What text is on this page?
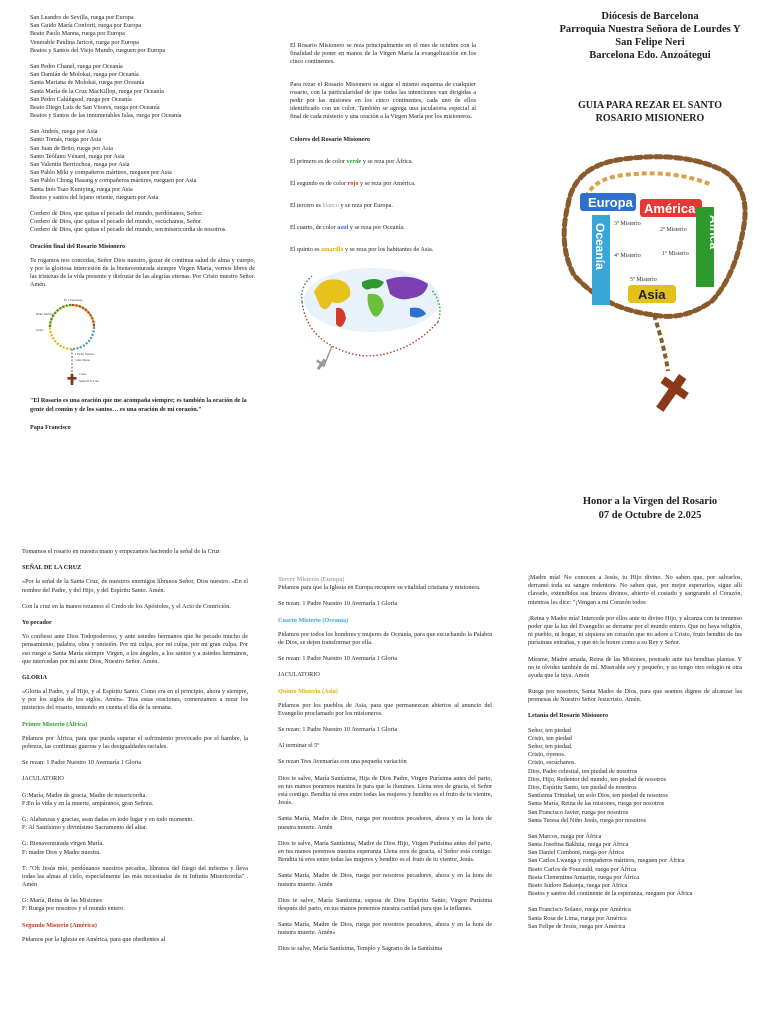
San Leandro de Sevilla, ruega por Europa
San Guido María Conforti, ruega por Europa
Beato Paolo Manna, ruega por Europa
Venerable Paulina Jaricot, ruega por Europa
Beatos y Santos del Viejo Mundo, rueguen por Europa
San Pedro Chanel, ruega por Oceanía
San Damián de Molokai, ruega por Oceanía
Santa Mariana de Molokai, ruega por Oceanía
Santa María de la Cruz MacKillop, ruega por Oceanía
San Pedro Calúñgsod, ruega por Oceanía
Beato Diego Luis de San Vitores, ruega por Oceanía
Beatos y Santos de las innumerables Islas, ruega por Oceanía
San Andrés, ruega por Asia
Santo Tomás, ruega por Asia
San Juan de Brito, ruega por Asia
Santo Teófano Vénard, ruega por Asia
San Valentín Berriochoa, ruega por Asia
San Pablo Miki y compañeros mártires, rueguen por Asia
San Pablo Chong Hasang y compañeros mártires, rueguen por Asia
Santa Inés Tsao Kuniying, ruega por Asia
Beatos y santos del lejano oriente, rueguen por Asia
Cordero de Dios, que quitas el pecado del mundo, perdónanos, Señor.
Cordero de Dios, que quitas el pecado del mundo, escúchanos, Señor.
Cordero de Dios, que quitas el pecado del mundo, ten misericordia de nosotros.
Oración final del Rosario Misionero
Te rogamos nos concedas, Señor Dios nuestro, gozar de continua salud de alma y cuerpo, y por la gloriosa intercesión de la bienaventurada siempre Virgen María, vernos libres de las tristezas de la vida presente y disfrutar de las alegrías eternas. Por Cristo nuestro Señor. Amén.
Fe y Esperanza
Padre Nuestro
Gloria
1 Padre Nuestro
3 Ave María
Credo
Señal de la Cruz
"El Rosario es una oración que me acompaña siempre; es también la oración de la gente del común y de los santos… es una oración de mi corazón."
Papa Francisco
El Rosario Misionero se reza principalmente en el mes de octubre con la finalidad de poner en manos de la Virgen María la evangelización en los cinco continentes.
Para rezar el Rosario Misionero se sigue el mismo esquema de cualquier rosario, con la particularidad de que todas las intenciones van dirigidas a pedir por las misiones en los cinco continentes, cada uno de ellos identificado con un color. También se agrega una jaculatoria especial al final de cada misterio y una oración a la Virgen María por los misioneros.
Colores del Rosario Misionero
El primero es de color verde y se reza por África.
El segundo es de color rojo y se reza por América.
El tercero es blanco y se reza por Europa.
El cuarto, de color azul y se reza por Oceanía.
El quinto es amarillo y se reza por los habitantes de Asia.
Diócesis de Barcelona
Parroquia Nuestra Señora de Lourdes Y
San Felipe Neri
Barcelona Edo. Anzoátegui
GUIA PARA REZAR EL SANTO
ROSARIO MISIONERO
Europa América
África
Oceanía
Asia
1º Misterio
2º Misterio
3º Misterio
4º Misterio
5º Misterio
Honor a la Virgen del Rosario
07 de Octubre de 2.025
Tomamos el rosario en nuestra mano y empezamos haciendo la señal de la Cruz
SEÑAL DE LA CRUZ
«Por la señal de la Santa Cruz, de nuestros enemigos líbranos Señor, Dios nuestro. «En el nombre del Padre, y del Hijo, y del Espíritu Santo. Amén.
Con la cruz en la manos rezamos el Credo de los Apóstoles, y el Acto de Contrición.
Yo pecador
Yo confieso ante Dios Todopoderoso, y ante ustedes hermanos que he pecado mucho de pensamiento, palabra, obra y omisión. Por mi culpa, por mi culpa, por mi gran culpa. Por eso ruego a Santa María siempre Virgen, a los ángeles, a los santos y a ustedes hermanos, que intercedan por mí ante Dios, Nuestro Señor. Amén.
GLORIA
«Gloria al Padre, y al Hijo, y al Espíritu Santo. Como era en el principio, ahora y siempre, y por los siglos de los siglos. Amén». Tras estas oraciones, comenzamos a rezar los misterios del rosario, teniendo en cuenta el día de la semana.
Primer Misterio (África)
Pidamos por África, para que pueda superar el sufrimiento provocado por el hambre, la pobreza, las continuas guerras y las desigualdades raciales.
Se rezan: 1 Padre Nuestro 10 Avemaría 1 Gloria
JACULATORIO
G:María, Madre de gracia, Madre de misericordia.
F:En la vida y en la muerte, ampáranos, gran Señora.
G: Alabanzas y gracias, sean dadas en todo lugar y en todo momento.
F: Al Santísimo y divinísimo Sacramento del altar.
G: Bienaventurada virgen María.
F: madre Dios y Madre nuestra.
T: "Oh Jesús mío, perdónanos nuestros pecados, líbranos del fuego del infierno y lleva todas las almas al cielo, especialmente las más necesitadas de tu Infinita Misericordia" . Amén
G: María, Reina de las Misiones
F: Ruega por nosotros y el mundo entero.
Segundo Misterio (América)
Pidamos por la Iglesia en América, para que obedientes al
Tercer Misterio (Europa)
Pidamos para que la Iglesia en Europa recupere su vitalidad cristiana y misionera.
Se rezan: 1 Padre Nuestro 10 Avemaría 1 Gloria
Cuarto Misterio (Oceanía)
Pidamos por todos los hombres y mujeres de Oceanía, para que escuchando la Palabra de Dios, se dejen transformar por ella.
Se rezan: 1 Padre Nuestro 10 Avemaría 1 Gloria
JACULATORIO
Quinto Misterio (Asia)
Pidamos por los pueblos de Asia, para que permanezcan abiertos al anuncio del Evangelio proclamado por los misioneros.
Se rezan: 1 Padre Nuestro 10 Avemaría 1 Gloria
Al terminar el 5º
Se rezan Tres Avemarías con una pequeña variación
Dios te salve, María Santísima, Hija de Dios Padre, Virgen Purísima antes del parto, en tus manos ponemos nuestra fe para que la ilumines. Llena eres de gracia, el Señor está contigo. Bendita tú eres entre todas las mujeres y bendito es el fruto de tu vientre, Jesús.
Santa María, Madre de Dios, ruega por nosotros pecadores, ahora y en la hora de nuestra muerte. Amén
Dios te salve, María Santísima, Madre de Dios Hijo, Virgen Purísima antes del parto, en tus manos ponemos nuestra esperanza Llena eres de gracia, el Señor está contigo. Bendita tú eres entre todas las mujeres y bendito es el fruto de tu vientre, Jesús.
Santa María, Madre de Dios, ruega por nosotros pecadores, ahora y en la hora de nuestra muerte. Amén
Dios te salve, María Santísima, esposa de Dios Espíritu Santo, Virgen Purísima después del parto, en tus manos ponemos nuestra caridad para que la inflames.
Santa María, Madre de Dios, ruega por nosotros pecadores, ahora y en la hora de nuestra muerte. Amén»
Dios te salve, María Santísima, Templo y Sagrario de la Santísima
¡Madre mía! No conocen a Jesús, tu Hijo divino. No saben que, por salvarlos, derramó toda su sangre redentora. No saben que, por mejor esperarlos, sigue allí clavado, extendidos sus brazos divinos, abierto el costado y sangrando el Corazón, mientras les dice: "¡Vengan a mi Corazón todos
¡Reina y Madre mía! Intercede por ellos ante tu divino Hijo, y alcanza con tu inmenso poder que la luz del Evangelio se derrame por el mundo entero. Que no haya religión, ni pueblo, ni hogar, ni siquiera un corazón que no adore a Cristo, fruto bendito de tus purísimas entrañas, y que no le honre como a su Rey y Señor.
Mírame, Madre amada, Reina de las Misiones, postrado ante tus benditas plantas. Y no te olvides también de mí. Miserable soy y pequeño, y no tengo otro refugio ni otra ayuda que la tuya. Amén
Ruega por nosotros, Santa Madre de Dios, para que seamos dignos de alcanzar las promesas de Nuestro Señor Jesucristo. Amén.
Letanía del Rosario Misionero
Señor, ten piedad
Cristo, ten piedad
Señor, ten piedad.
Cristo, óyenos.
Cristo, escúchanos.
Dios, Padre celestial, ten piedad de nosotros
Dios, Hijo, Redentor del mundo, ten piedad de nosotros
Dios, Espíritu Santo, ten piedad de nosotros
Santísima Trinidad, un solo Dios, ten piedad de nosotros
Santa María, Reina de las misiones, ruega por nosotros
San Francisco Javier, ruega por nosotros
Santa Teresa del Niño Jesús, ruega por nosotros
San Marcos, ruega por África
Santa Josefina Bakhita, ruega por África
San Daniel Comboni, ruega por África
San Carlos Lwanga y compañeros mártires, rueguen por África
Beato Carlos de Foucauld, ruega por África
Beata Clementina Anuarite, ruega por África
Beato Isidoro Bakanja, ruega por África
Beatos y santos del continente de la esperanza, rueguen por África
San Francisco Solano, ruega por América
Santa Rosa de Lima, ruega por América
San Felipe de Jesús, ruega por América
